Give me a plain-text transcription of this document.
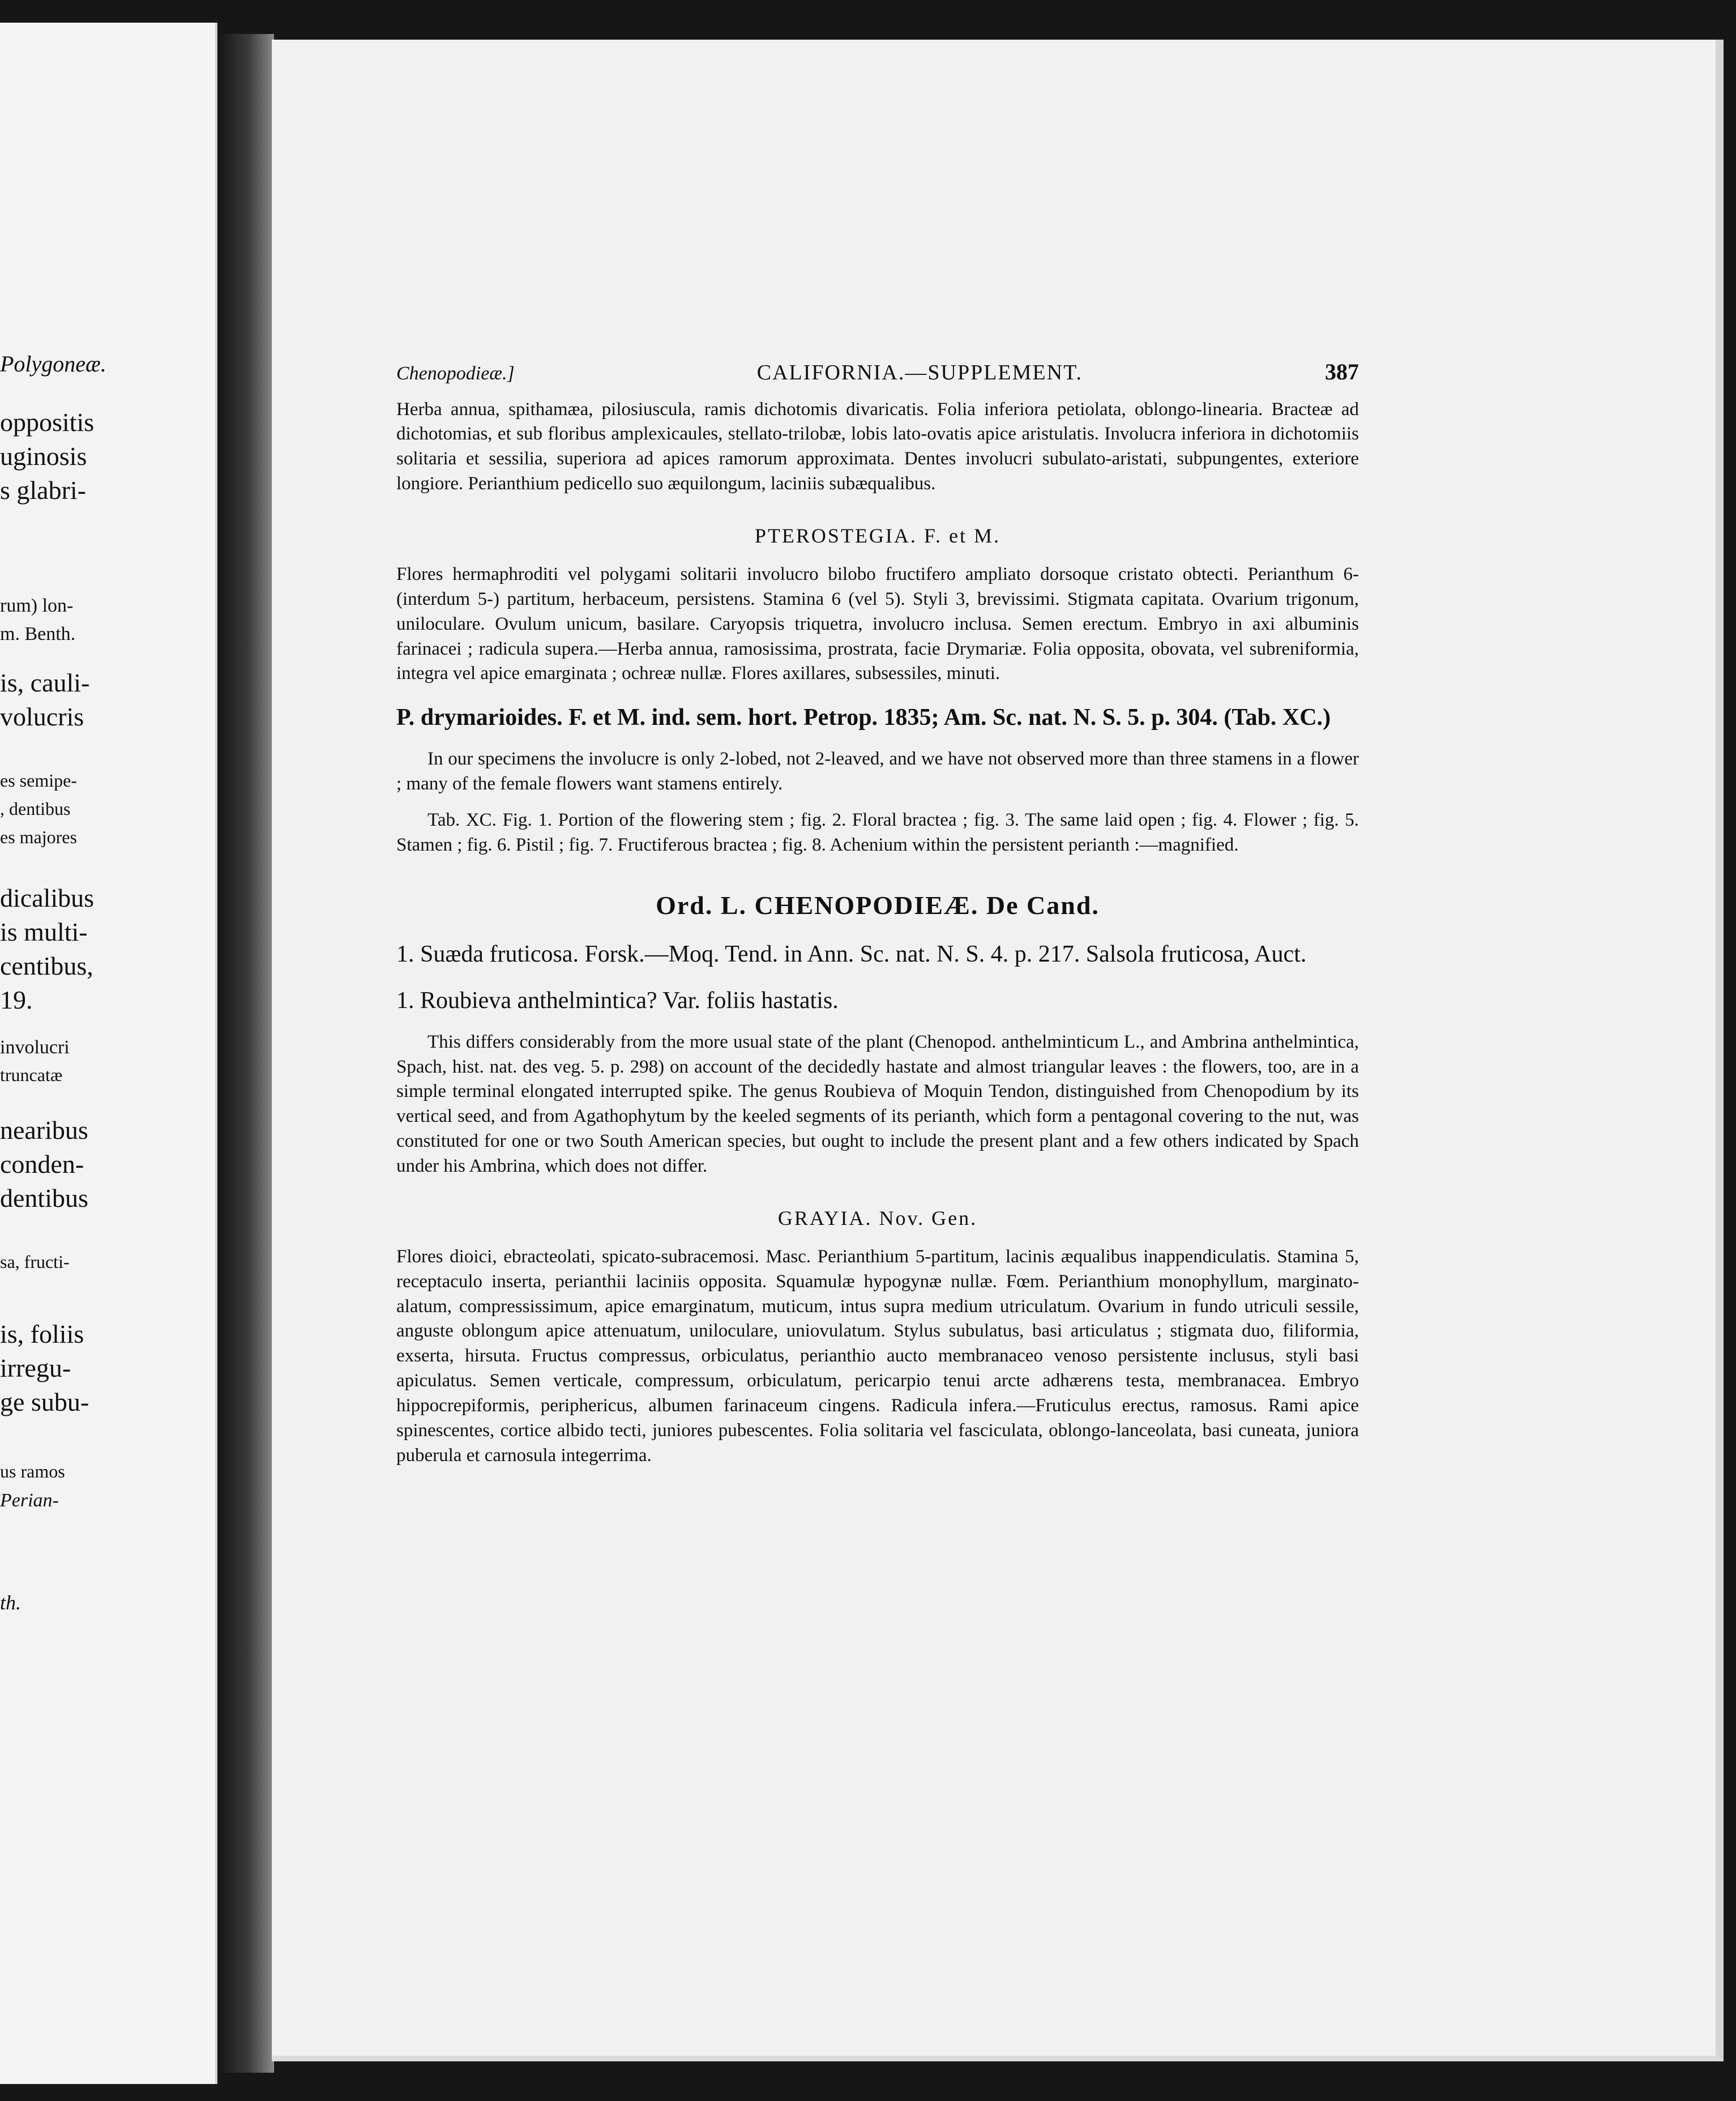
Polygoneæ.
oppositis
uginosis
s glabri-
rum) lon-
m. Benth.
is, cauli-
volucris
es semipe-
, dentibus
es majores
dicalibus
is multi-
centibus,
19.
involucri
truncatæ
nearibus
conden-
dentibus
sa, fructi-
is, foliis
irregu-
ge subu-
us ramos
Perian-
th.
Chenopodieæ.]	CALIFORNIA.—SUPPLEMENT.	387

Herba annua, spithamæa, pilosiuscula, ramis dichotomis divaricatis. Folia inferiora petiolata, oblongo-linearia. Bracteæ ad dichotomias, et sub floribus amplexicaules, stellato-trilobæ, lobis lato-ovatis apice aristulatis. Involucra inferiora in dichotomiis solitaria et sessilia, superiora ad apices ramorum approximata. Dentes involucri subulato-aristati, subpungentes, exteriore longiore. Perianthium pedicello suo æquilongum, laciniis subæqualibus.

PTEROSTEGIA. F. et M.

Flores hermaphroditi vel polygami solitarii involucro bilobo fructifero ampliato dorsoque cristato obtecti. Perianthum 6-(interdum 5-) partitum, herbaceum, persistens. Stamina 6 (vel 5). Styli 3, brevissimi. Stigmata capitata. Ovarium trigonum, uniloculare. Ovulum unicum, basilare. Caryopsis triquetra, involucro inclusa. Semen erectum. Embryo in axi albuminis farinacei ; radicula supera.—Herba annua, ramosissima, prostrata, facie Drymariæ. Folia opposita, obovata, vel subreniformia, integra vel apice emarginata ; ochreæ nullæ. Flores axillares, subsessiles, minuti.

P. drymarioides. F. et M. ind. sem. hort. Petrop. 1835; Am. Sc. nat. N. S. 5. p. 304. (Tab. XC.)

In our specimens the involucre is only 2-lobed, not 2-leaved, and we have not observed more than three stamens in a flower ; many of the female flowers want stamens entirely.

Tab. XC. Fig. 1. Portion of the flowering stem ; fig. 2. Floral bractea ; fig. 3. The same laid open ; fig. 4. Flower ; fig. 5. Stamen ; fig. 6. Pistil ; fig. 7. Fructiferous bractea ; fig. 8. Achenium within the persistent perianth :—magnified.

Ord. L. CHENOPODIEÆ. De Cand.
1. Suæda fruticosa. Forsk.—Moq. Tend. in Ann. Sc. nat. N. S. 4. p. 217. Salsola fruticosa, Auct.
1. Roubieva anthelmintica? Var. foliis hastatis.

This differs considerably from the more usual state of the plant (Chenopod. anthelminticum L., and Ambrina anthelmintica, Spach, hist. nat. des veg. 5. p. 298) on account of the decidedly hastate and almost triangular leaves : the flowers, too, are in a simple terminal elongated interrupted spike. The genus Roubieva of Moquin Tendon, distinguished from Chenopodium by its vertical seed, and from Agathophytum by the keeled segments of its perianth, which form a pentagonal covering to the nut, was constituted for one or two South American species, but ought to include the present plant and a few others indicated by Spach under his Ambrina, which does not differ.

GRAYIA. Nov. Gen.

Flores dioici, ebracteolati, spicato-subracemosi. Masc. Perianthium 5-partitum, lacinis æqualibus inappendiculatis. Stamina 5, receptaculo inserta, perianthii laciniis opposita. Squamulæ hypogynæ nullæ. Fœm. Perianthium monophyllum, marginato-alatum, compressissimum, apice emarginatum, muticum, intus supra medium utriculatum. Ovarium in fundo utriculi sessile, anguste oblongum apice attenuatum, uniloculare, uniovulatum. Stylus subulatus, basi articulatus ; stigmata duo, filiformia, exserta, hirsuta. Fructus compressus, orbiculatus, perianthio aucto membranaceo venoso persistente inclusus, styli basi apiculatus. Semen verticale, compressum, orbiculatum, pericarpio tenui arcte adhærens testa, membranacea. Embryo hippocrepiformis, periphericus, albumen farinaceum cingens. Radicula infera.—Fruticulus erectus, ramosus. Rami apice spinescentes, cortice albido tecti, juniores pubescentes. Folia solitaria vel fasciculata, oblongo-lanceolata, basi cuneata, juniora puberula et carnosula integerrima.
